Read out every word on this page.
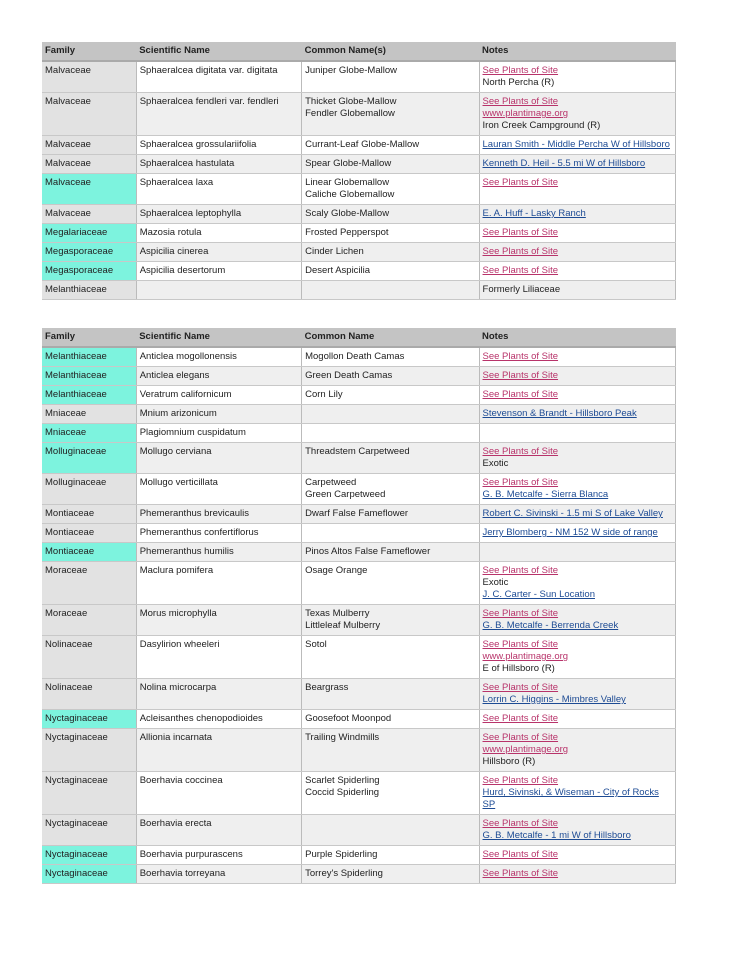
Family	Scientific Name	Common Name(s)	Notes
Malvaceae	Sphaeralcea digitata var. digitata	Juniper Globe-Mallow	See Plants of Site
North Percha (R)

Malvaceae	Sphaeralcea fendleri var. fendleri	Thicket Globe-Mallow
Fendler Globemallow	See Plants of Site
www.plantimage.org
Iron Creek Campground (R)

Malvaceae	Sphaeralcea grossulariifolia	Currant-Leaf Globe-Mallow	Lauran Smith - Middle Percha W of Hillsboro

Malvaceae	Sphaeralcea hastulata	Spear Globe-Mallow	Kenneth D. Heil - 5.5 mi W of Hillsboro

Malvaceae	Sphaeralcea laxa	Linear Globemallow
Caliche Globemallow	See Plants of Site

Malvaceae	Sphaeralcea leptophylla	Scaly Globe-Mallow	E. A. Huff - Lasky Ranch

Megalariaceae	Mazosia rotula	Frosted Pepperspot	See Plants of Site

Megasporaceae	Aspicilia cinerea	Cinder Lichen	See Plants of Site

Megasporaceae	Aspicilia desertorum	Desert Aspicilia	See Plants of Site

Melanthiaceae			Formerly Liliaceae
Family	Scientific Name	Common Name	Notes
Melanthiaceae	Anticlea mogollonensis	Mogollon Death Camas	See Plants of Site

Melanthiaceae	Anticlea elegans	Green Death Camas	See Plants of Site

Melanthiaceae	Veratrum californicum	Corn Lily	See Plants of Site

Mniaceae	Mnium arizonicum		Stevenson & Brandt - Hillsboro Peak

Mniaceae	Plagiomnium cuspidatum		
Molluginaceae	Mollugo cerviana	Threadstem Carpetweed	See Plants of Site
Exotic

Molluginaceae	Mollugo verticillata	Carpetweed
Green Carpetweed	See Plants of Site
G. B. Metcalfe - Sierra Blanca

Montiaceae	Phemeranthus brevicaulis	Dwarf False Fameflower	Robert C. Sivinski - 1.5 mi S of Lake Valley

Montiaceae	Phemeranthus confertiflorus		Jerry Blomberg - NM 152 W side of range

Montiaceae	Phemeranthus humilis	Pinos Altos False Fameflower	

Moraceae	Maclura pomifera	Osage Orange	See Plants of Site
Exotic
J. C. Carter - Sun Location

Moraceae	Morus microphylla	Texas Mulberry
Littleleaf Mulberry	See Plants of Site
G. B. Metcalfe - Berrenda Creek

Nolinaceae	Dasylirion wheeleri	Sotol	See Plants of Site
www.plantimage.org
E of Hillsboro (R)

Nolinaceae	Nolina microcarpa	Beargrass	See Plants of Site
Lorrin C. Higgins - Mimbres Valley

Nyctaginaceae	Acleisanthes chenopodioides	Goosefoot Moonpod	See Plants of Site

Nyctaginaceae	Allionia incarnata	Trailing Windmills	See Plants of Site
www.plantimage.org
Hillsboro (R)

Nyctaginaceae	Boerhavia coccinea	Scarlet Spiderling
Coccid Spiderling	See Plants of Site
Hurd, Sivinski, & Wiseman - City of Rocks SP

Nyctaginaceae	Boerhavia erecta		See Plants of Site
G. B. Metcalfe - 1 mi W of Hillsboro

Nyctaginaceae	Boerhavia purpurascens	Purple Spiderling	See Plants of Site

Nyctaginaceae	Boerhavia torreyana	Torrey's Spiderling	See Plants of Site
